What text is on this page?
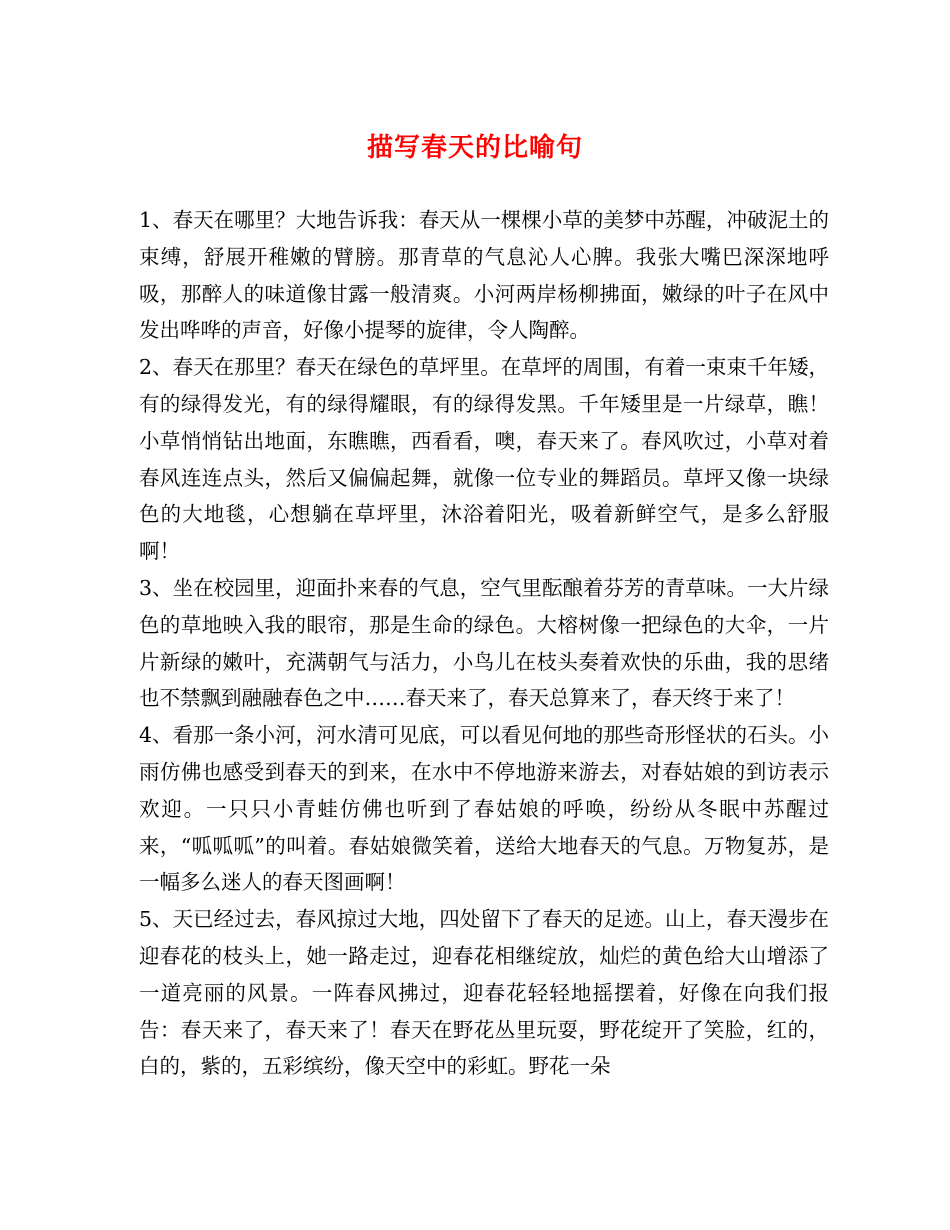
描写春天的比喻句

1、春天在哪里？大地告诉我：春天从一棵棵小草的美梦中苏醒，冲破泥土的束缚，舒展开稚嫩的臂膀。那青草的气息沁人心脾。我张大嘴巴深深地呼吸，那醉人的味道像甘露一般清爽。小河两岸杨柳拂面，嫩绿的叶子在风中发出哗哗的声音，好像小提琴的旋律，令人陶醉。

2、春天在那里？春天在绿色的草坪里。在草坪的周围，有着一束束千年矮，有的绿得发光，有的绿得耀眼，有的绿得发黑。千年矮里是一片绿草，瞧！小草悄悄钻出地面，东瞧瞧，西看看，噢，春天来了。春风吹过，小草对着春风连连点头，然后又偏偏起舞，就像一位专业的舞蹈员。草坪又像一块绿色的大地毯，心想躺在草坪里，沐浴着阳光，吸着新鲜空气，是多么舒服啊！

3、坐在校园里，迎面扑来春的气息，空气里酝酿着芬芳的青草味。一大片绿色的草地映入我的眼帘，那是生命的绿色。大榕树像一把绿色的大伞，一片片新绿的嫩叶，充满朝气与活力，小鸟儿在枝头奏着欢快的乐曲，我的思绪也不禁飘到融融春色之中……春天来了，春天总算来了，春天终于来了！

4、看那一条小河，河水清可见底，可以看见何地的那些奇形怪状的石头。小雨仿佛也感受到春天的到来，在水中不停地游来游去，对春姑娘的到访表示欢迎。一只只小青蛙仿佛也听到了春姑娘的呼唤，纷纷从冬眠中苏醒过来，“呱呱呱”的叫着。春姑娘微笑着，送给大地春天的气息。万物复苏，是一幅多么迷人的春天图画啊！

5、天已经过去，春风掠过大地，四处留下了春天的足迹。山上，春天漫步在迎春花的枝头上，她一路走过，迎春花相继绽放，灿烂的黄色给大山增添了一道亮丽的风景。一阵春风拂过，迎春花轻轻地摇摆着，好像在向我们报告：春天来了，春天来了！春天在野花丛里玩耍，野花绽开了笑脸，红的，白的，紫的，五彩缤纷，像天空中的彩虹。野花一朵
